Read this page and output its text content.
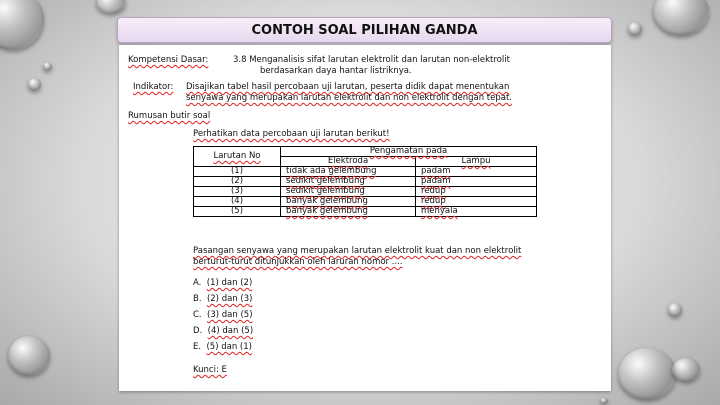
CONTOH SOAL PILIHAN GANDA
Kompetensi Dasar:	3.8 Menganalisis sifat larutan elektrolit dan larutan non-elektrolit
berdasarkan daya hantar listriknya.
Indikator: Disajikan tabel hasil percobaan uji larutan, peserta didik dapat menentukan
senyawa yang merupakan larutan elektrolit dan non elektrolit dengan tepat.
Rumusan butir soal
Perhatikan data percobaan uji larutan berikut!
Larutan No	Pengamatan pada	
	Elektroda	Lampu
(1)	tidak ada gelembung	padam
(2)	sedikit gelembung	padam
(3)	sedikit gelembung	redup
(4)	banyak gelembung	redup
(5)	banyak gelembung	menyala
Pasangan senyawa yang merupakan larutan elektrolit kuat dan non elektrolit
berturut-turut ditunjukkan oleh laruran nomor ....
A. (1) dan (2)
B. (2) dan (3)
C. (3) dan (5)
D. (4) dan (5)
E. (5) dan (1)
Kunci: E
